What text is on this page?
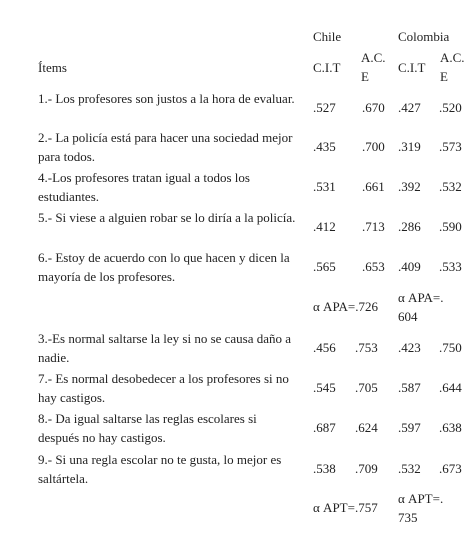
Chile	Colombia
Ítems	C.I.T
A.C.
E
C.I.T
A.C.
E
1.- Los profesores son justos a la hora de evaluar.
.527 .670 .427 .520
2.- La policía está para hacer una sociedad mejor para todos.
.435 .700 .319 .573
4.-Los profesores tratan igual a todos los estudiantes.
.531 .661 .392 .532
5.- Si viese a alguien robar se lo diría a la policía.
.412 .713 .286 .590
6.- Estoy de acuerdo con lo que hacen y dicen la mayoría de los profesores.
.565 .653 .409 .533
α APA=.726
α APA=.
604
3.-Es normal saltarse la ley si no se causa daño a nadie.
.456 .753 .423 .750
7.- Es normal desobedecer a los profesores si no hay castigos.
.545 .705 .587 .644
8.- Da igual saltarse las reglas escolares si después no hay castigos.
.687 .624 .597 .638
9.- Si una regla escolar no te gusta, lo mejor es saltártela.
.538 .709 .532 .673
α APT=.757
α APT=.
735
